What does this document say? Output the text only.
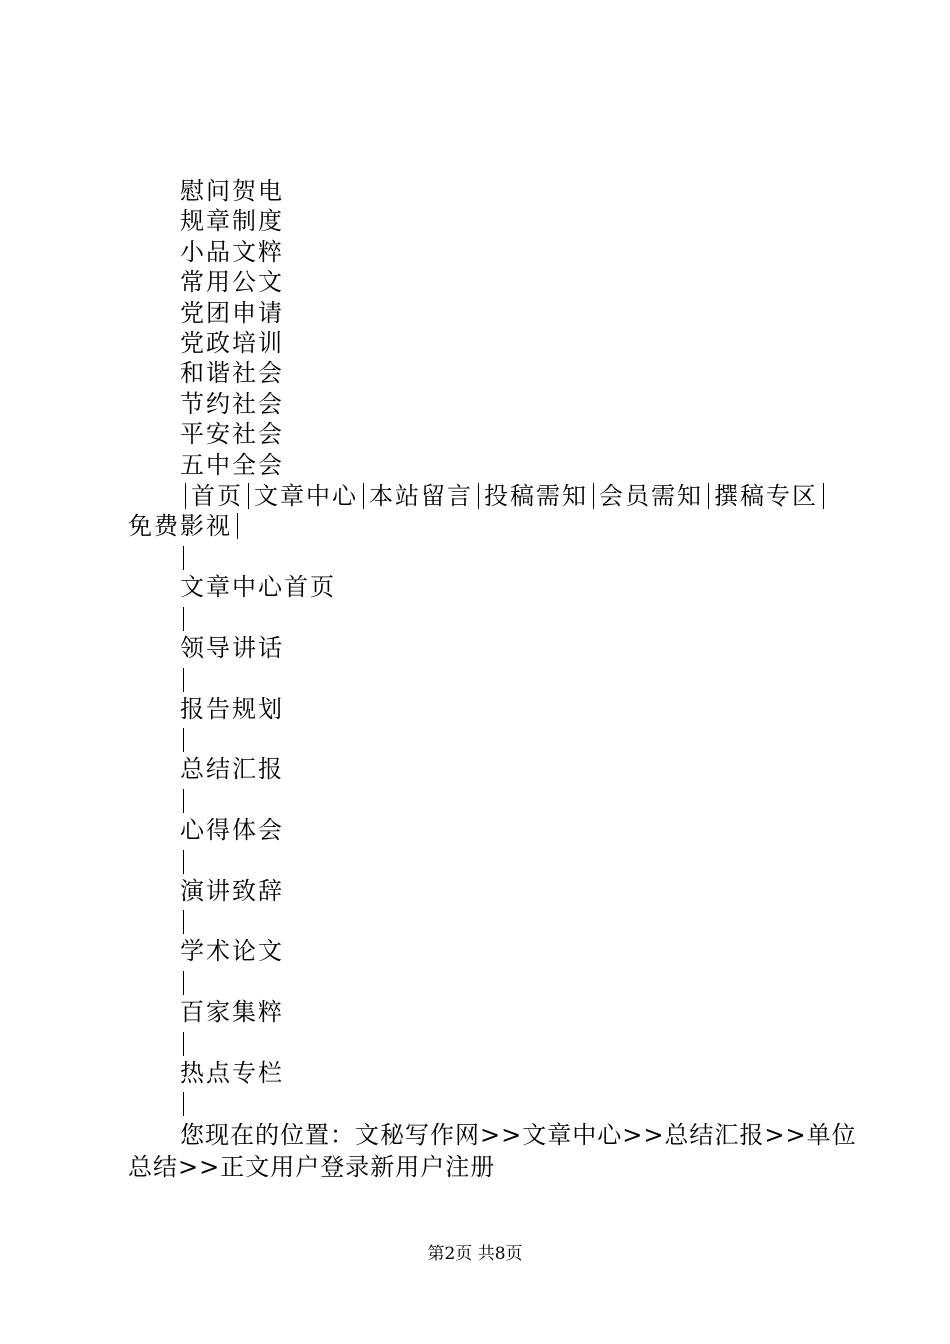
慰问贺电
规章制度
小品文粹
常用公文
党团申请
党政培训
和谐社会
节约社会
平安社会
五中全会
首页 文章中心 本站留言 投稿需知 会员需知 撰稿专区
免费影视
文章中心首页
领导讲话
报告规划
总结汇报
心得体会
演讲致辞
学术论文
百家集粹
热点专栏
您现在的位置：文秘写作网>>文章中心>>总结汇报>>单位
总结>>正文用户登录新用户注册
第2页 共8页
